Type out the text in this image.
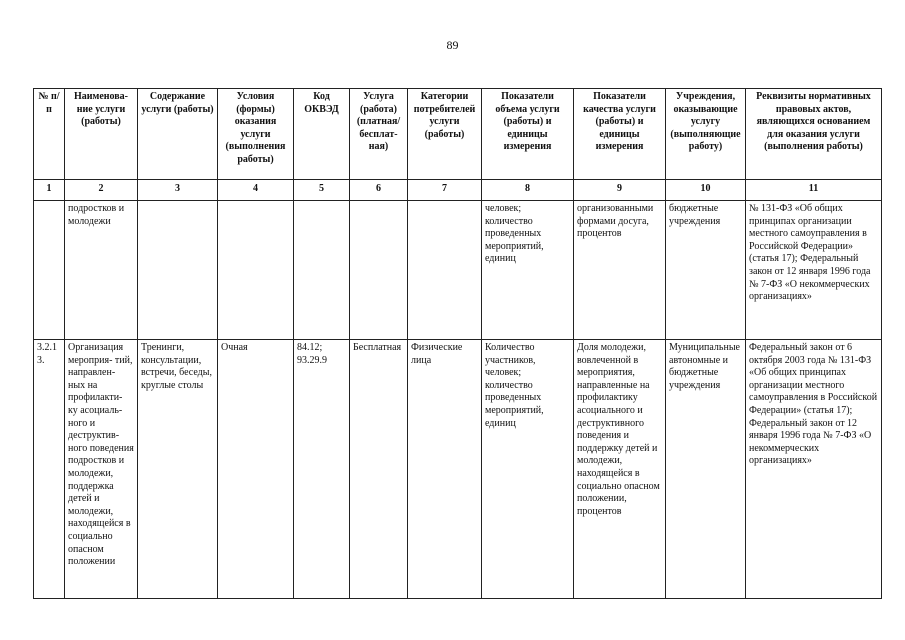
89
№ п/п	Наименова- ние услуги (работы)	Содержание услуги (работы)	Условия (формы) оказания услуги (выполнения работы)	Код ОКВЭД	Услуга (работа) (платная/ бесплат- ная)	Категории потребителей услуги (работы)	Показатели объема услуги (работы) и единицы измерения	Показатели качества услуги (работы) и единицы измерения	Учреждения, оказывающие услугу (выполняющие работу)	Реквизиты нормативных правовых актов, являющихся основанием для оказания услуги (выполнения работы)
1	2	3	4	5	6	7	8	9	10	11
	подростков и молодежи						человек; количество проведенных мероприятий, единиц	организованными формами досуга, процентов	бюджетные учреждения	№ 131-ФЗ «Об общих принципах организации местного самоуправления в Российской Федерации» (статья 17); Федеральный закон от 12 января 1996 года № 7-ФЗ «О некоммерческих организациях»
3.2.13.	Организация мероприя- тий, направлен- ных на профилакти- ку асоциаль- ного и деструктив- ного поведения подростков и молодежи, поддержка детей и молодежи, находящейся в социально опасном положении	Тренинги, консультации, встречи, беседы, круглые столы	Очная	84.12; 93.29.9	Бесплатная	Физические лица	Количество участников, человек; количество проведенных мероприятий, единиц	Доля молодежи, вовлеченной в мероприятия, направленные на профилактику асоциального и деструктивного поведения и поддержку детей и молодежи, находящейся в социально опасном положении, процентов	Муниципальные автономные и бюджетные учреждения	Федеральный закон от 6 октября 2003 года № 131-ФЗ «Об общих принципах организации местного самоуправления в Российской Федерации» (статья 17); Федеральный закон от 12 января 1996 года № 7-ФЗ «О некоммерческих организациях»
